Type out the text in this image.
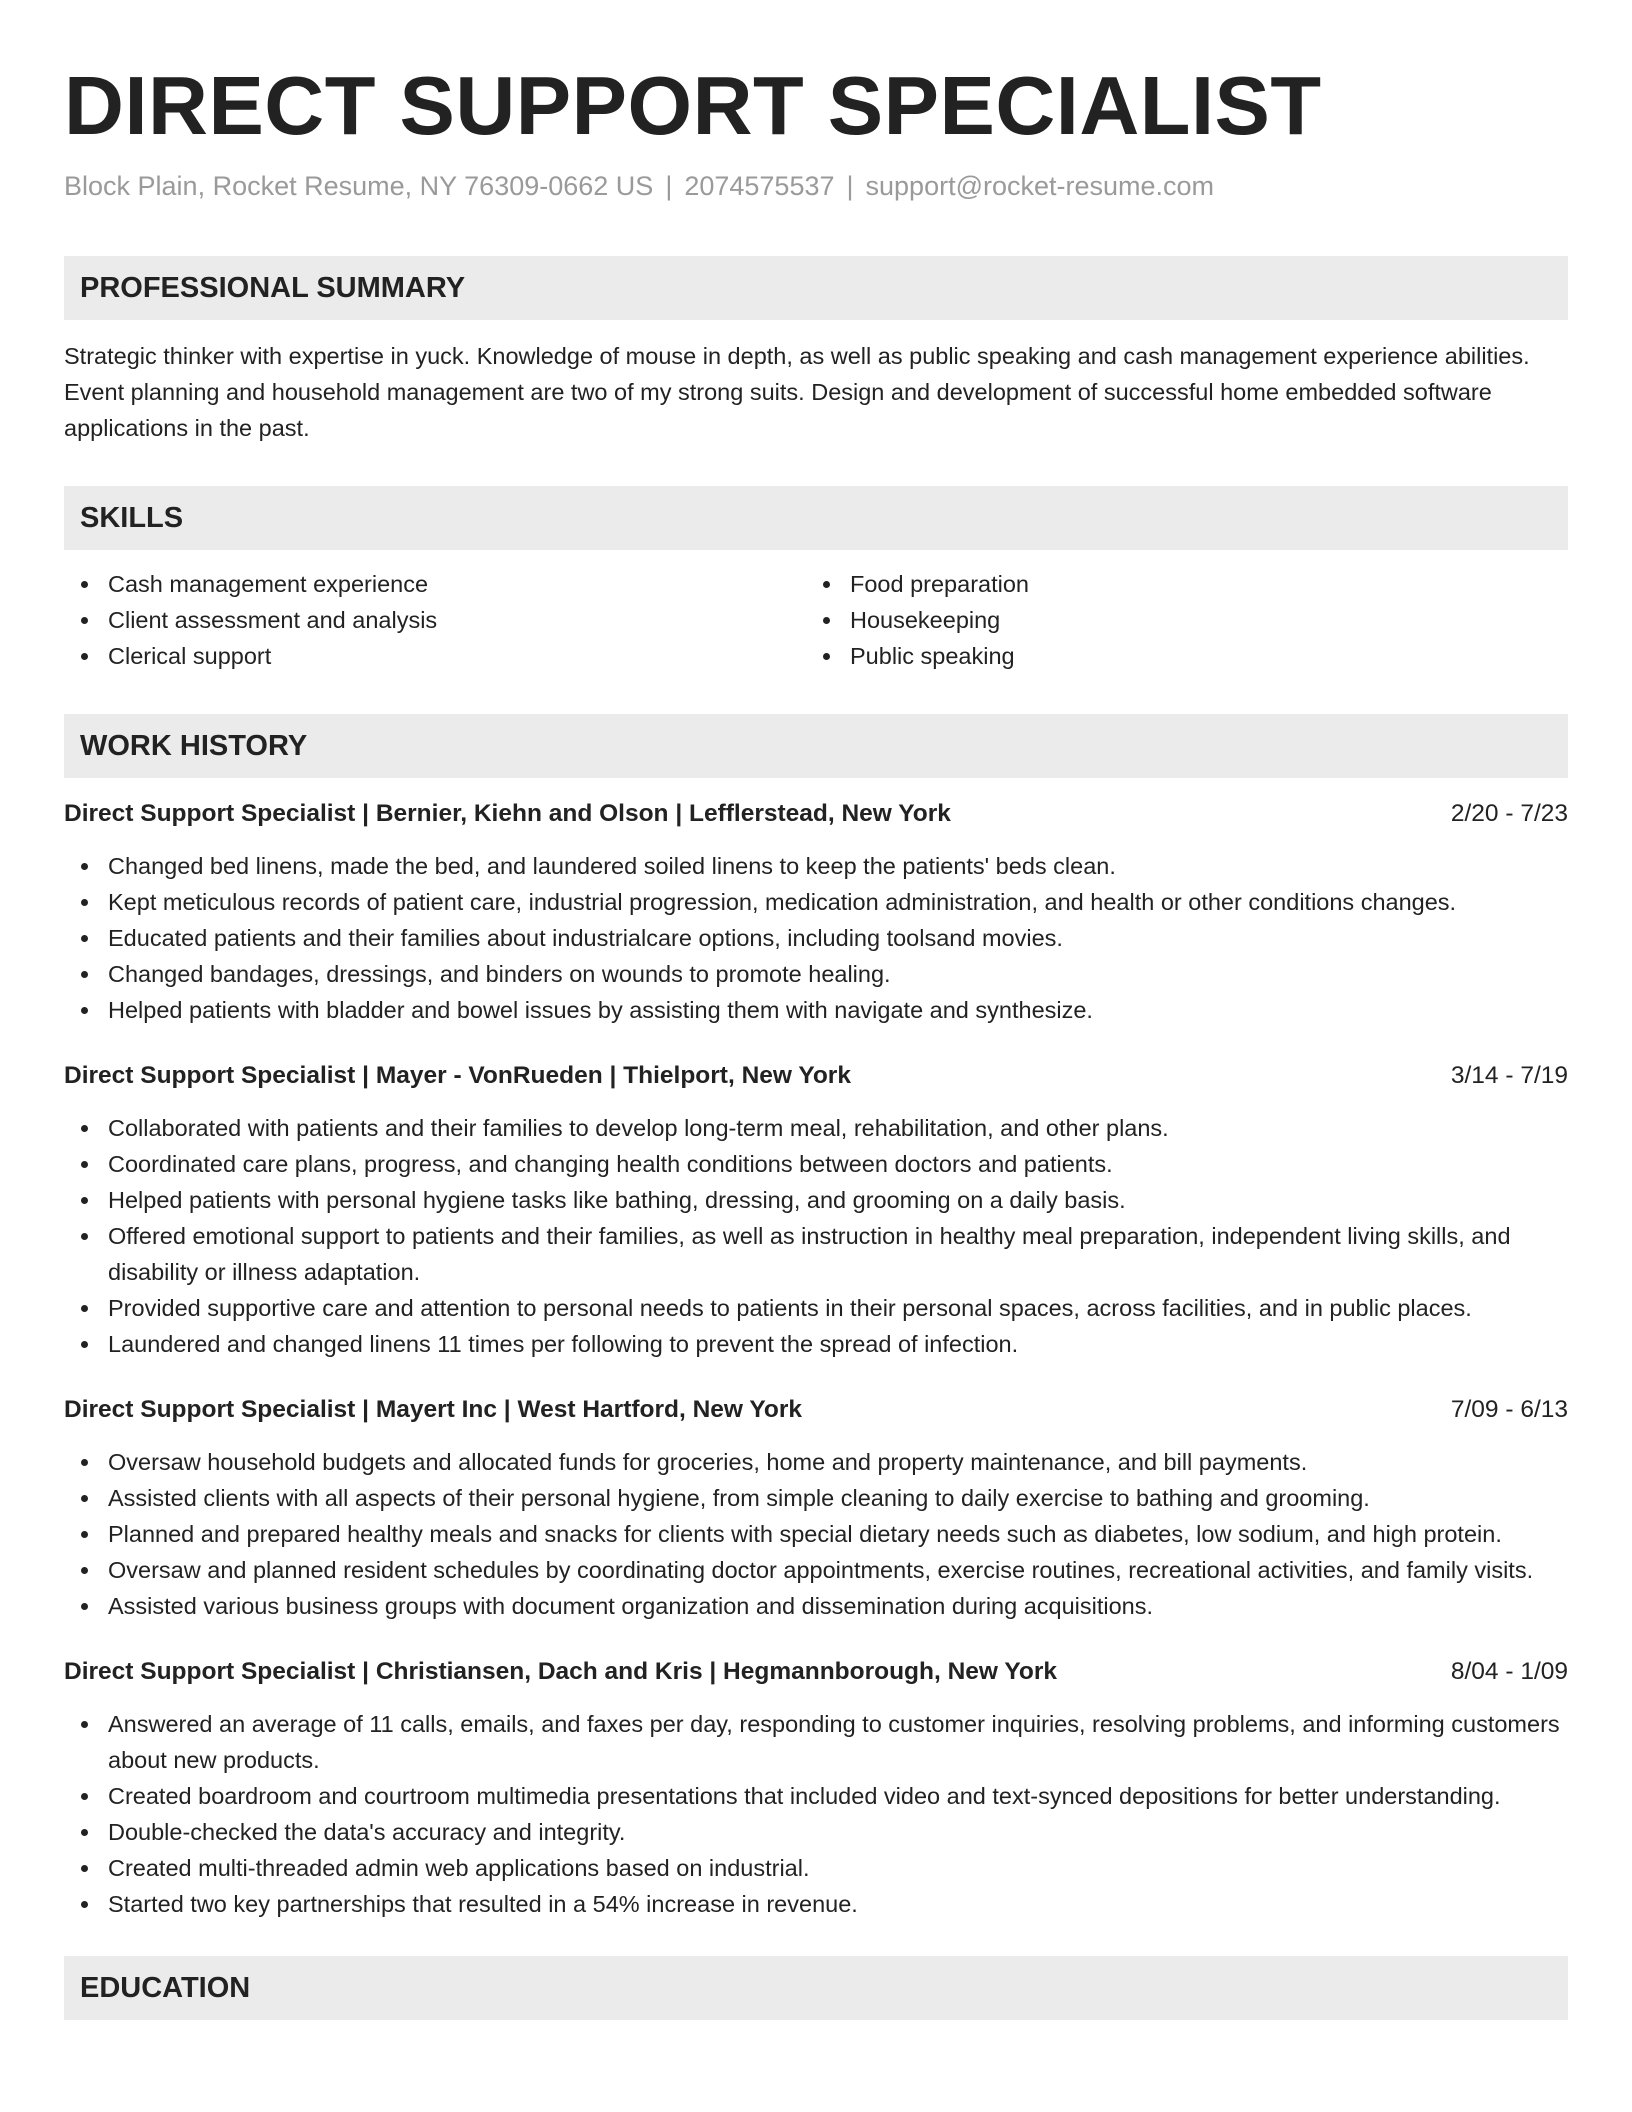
DIRECT SUPPORT SPECIALIST
Block Plain, Rocket Resume, NY 76309-0662 US | 2074575537 | support@rocket-resume.com
PROFESSIONAL SUMMARY
Strategic thinker with expertise in yuck. Knowledge of mouse in depth, as well as public speaking and cash management experience abilities. Event planning and household management are two of my strong suits. Design and development of successful home embedded software applications in the past.
SKILLS
Cash management experience
Client assessment and analysis
Clerical support
Food preparation
Housekeeping
Public speaking
WORK HISTORY
Direct Support Specialist | Bernier, Kiehn and Olson | Lefflerstead, New York	2/20 - 7/23
Changed bed linens, made the bed, and laundered soiled linens to keep the patients' beds clean.
Kept meticulous records of patient care, industrial progression, medication administration, and health or other conditions changes.
Educated patients and their families about industrialcare options, including toolsand movies.
Changed bandages, dressings, and binders on wounds to promote healing.
Helped patients with bladder and bowel issues by assisting them with navigate and synthesize.
Direct Support Specialist | Mayer - VonRueden | Thielport, New York	3/14 - 7/19
Collaborated with patients and their families to develop long-term meal, rehabilitation, and other plans.
Coordinated care plans, progress, and changing health conditions between doctors and patients.
Helped patients with personal hygiene tasks like bathing, dressing, and grooming on a daily basis.
Offered emotional support to patients and their families, as well as instruction in healthy meal preparation, independent living skills, and disability or illness adaptation.
Provided supportive care and attention to personal needs to patients in their personal spaces, across facilities, and in public places.
Laundered and changed linens 11 times per following to prevent the spread of infection.
Direct Support Specialist | Mayert Inc | West Hartford, New York	7/09 - 6/13
Oversaw household budgets and allocated funds for groceries, home and property maintenance, and bill payments.
Assisted clients with all aspects of their personal hygiene, from simple cleaning to daily exercise to bathing and grooming.
Planned and prepared healthy meals and snacks for clients with special dietary needs such as diabetes, low sodium, and high protein.
Oversaw and planned resident schedules by coordinating doctor appointments, exercise routines, recreational activities, and family visits.
Assisted various business groups with document organization and dissemination during acquisitions.
Direct Support Specialist | Christiansen, Dach and Kris | Hegmannborough, New York	8/04 - 1/09
Answered an average of 11 calls, emails, and faxes per day, responding to customer inquiries, resolving problems, and informing customers about new products.
Created boardroom and courtroom multimedia presentations that included video and text-synced depositions for better understanding.
Double-checked the data's accuracy and integrity.
Created multi-threaded admin web applications based on industrial.
Started two key partnerships that resulted in a 54% increase in revenue.
EDUCATION
